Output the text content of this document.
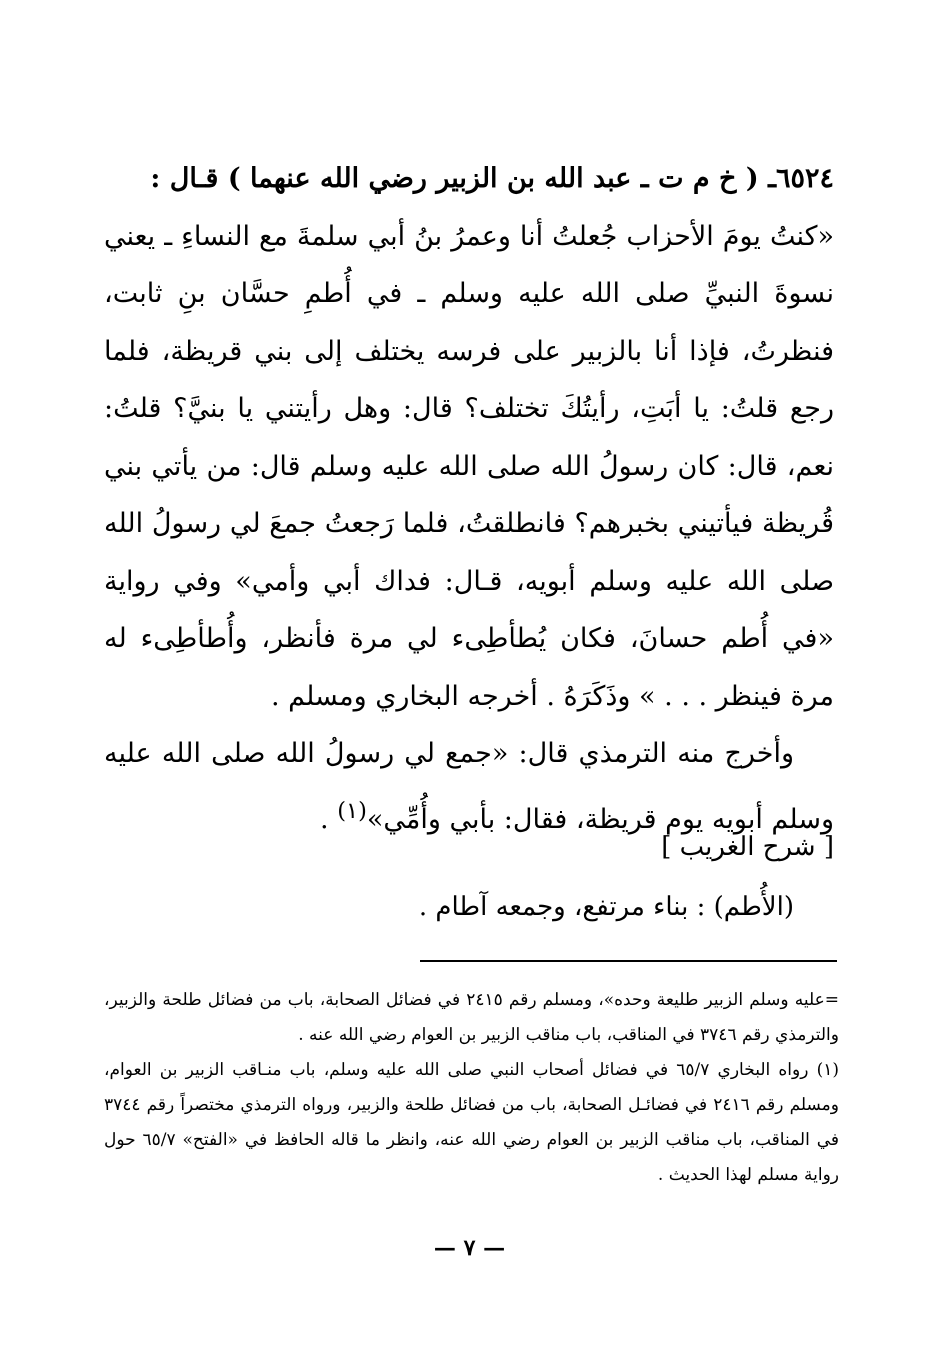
٦٥٢٤ـ ( خ م ت ـ عبد الله بن الزبير رضي الله عنهما ) قـال :

«كنتُ يومَ الأحزاب جُعلتُ أنا وعمرُ بنُ أبي سلمةَ مع النساءِ ـ يعني نسوةَ النبيِّ صلى الله عليه وسلم ـ في أُطمِ حسَّان بنِ ثابت، فنظرتُ، فإذا أنا بالزبير على فرسه يختلف إلى بني قريظة، فلما رجع قلتُ: يا أبَتِ، رأيتُكَ تختلف؟ قال: وهل رأيتني يا بنيَّ؟ قلتُ: نعم، قال: كان رسولُ الله صلى الله عليه وسلم قال: من يأتي بني قُريظة فيأتيني بخبرهم؟ فانطلقتُ، فلما رَجعتُ جمعَ لي رسولُ الله صلى الله عليه وسلم أبويه، قـال: فداك أبي وأمي» وفي رواية «في أُطم حسانَ، فكان يُطأطِىء لي مرة فأنظر، وأُطأطِىء له مرة فينظر . . . » وذَكَرَهُ . أخرجه البخاري ومسلم .

وأخرج منه الترمذي قال: «جمع لي رسولُ الله صلى الله عليه وسلم أبويه يوم قريظة، فقال: بأبي وأُمِّي»$^{(١)}$ .

[ شرح الغريب ]
(الأُطم) : بناء مرتفع، وجمعه آطام .

=عليه وسلم الزبير طليعة وحده»، ومسلم رقم ٢٤١٥ في فضائل الصحابة، باب من فضائل طلحة والزبير، والترمذي رقم ٣٧٤٦ في المناقب، باب مناقب الزبير بن العوام رضي الله عنه .

(١) رواه البخاري ٦٥/٧ في فضائل أصحاب النبي صلى الله عليه وسلم، باب منـاقب الزبير بن العوام، ومسلم رقم ٢٤١٦ في فضائـل الصحابة، باب من فضائل طلحة والزبير، ورواه الترمذي مختصراً رقم ٣٧٤٤ في المناقب، باب مناقب الزبير بن العوام رضي الله عنه، وانظر ما قاله الحافظ في «الفتح» ٦٥/٧ حول رواية مسلم لهذا الحديث .

— ٧ —
